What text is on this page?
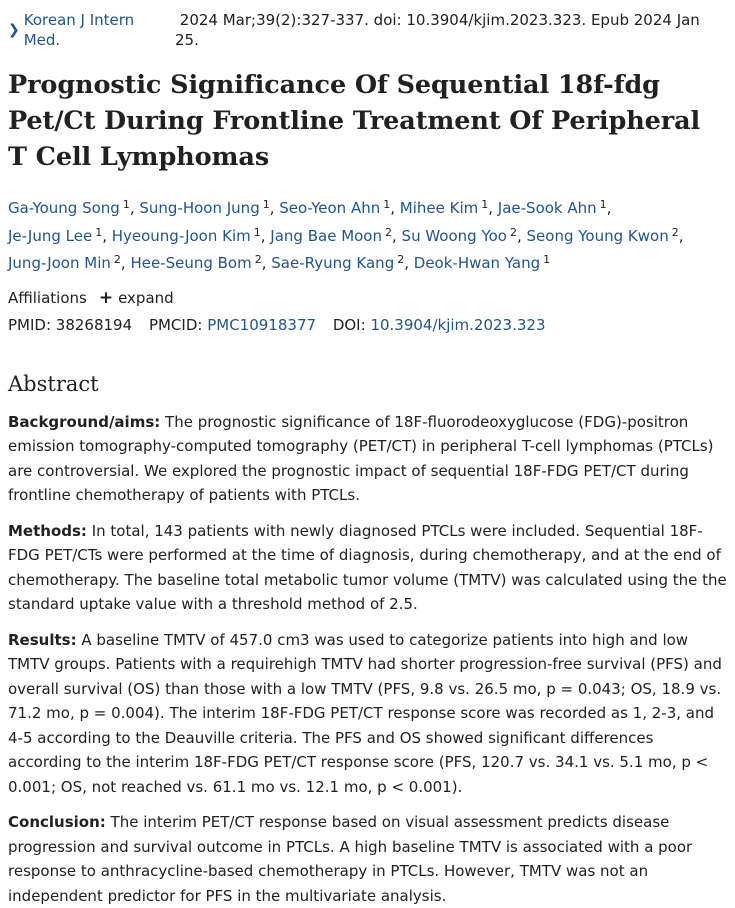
❯
Korean J Intern Med.
2024 Mar;39(2):327-337. doi: 10.3904/kjim.2023.323. Epub 2024 Jan 25.
Prognostic Significance Of Sequential 18f-fdg Pet/Ct During Frontline Treatment Of Peripheral T Cell Lymphomas

Ga-Young Song $^1$, Sung-Hoon Jung $^1$, Seo-Yeon Ahn $^1$, Mihee Kim $^1$, Jae-Sook Ahn $^1$,
Je-Jung Lee $^1$, Hyeoung-Joon Kim $^1$, Jang Bae Moon $^2$, Su Woong Yoo $^2$, Seong Young Kwon $^2$,
Jung-Joon Min $^2$, Hee-Seung Bom $^2$, Sae-Ryung Kang $^2$, Deok-Hwan Yang $^1$

Affiliations + expand
PMID: 38268194 PMCID: PMC10918377 DOI: 10.3904/kjim.2023.323
Abstract

Background/aims: The prognostic significance of 18F-fluorodeoxyglucose (FDG)-positron emission tomography-computed tomography (PET/CT) in peripheral T-cell lymphomas (PTCLs) are controversial. We explored the prognostic impact of sequential 18F-FDG PET/CT during frontline chemotherapy of patients with PTCLs.

Methods: In total, 143 patients with newly diagnosed PTCLs were included. Sequential 18F-FDG PET/CTs were performed at the time of diagnosis, during chemotherapy, and at the end of chemotherapy. The baseline total metabolic tumor volume (TMTV) was calculated using the the standard uptake value with a threshold method of 2.5.

Results: A baseline TMTV of 457.0 cm3 was used to categorize patients into high and low TMTV groups. Patients with a requirehigh TMTV had shorter progression-free survival (PFS) and overall survival (OS) than those with a low TMTV (PFS, 9.8 vs. 26.5 mo, p = 0.043; OS, 18.9 vs. 71.2 mo, p = 0.004). The interim 18F-FDG PET/CT response score was recorded as 1, 2-3, and 4-5 according to the Deauville criteria. The PFS and OS showed significant differences according to the interim 18F-FDG PET/CT response score (PFS, 120.7 vs. 34.1 vs. 5.1 mo, p < 0.001; OS, not reached vs. 61.1 mo vs. 12.1 mo, p < 0.001).

Conclusion: The interim PET/CT response based on visual assessment predicts disease progression and survival outcome in PTCLs. A high baseline TMTV is associated with a poor response to anthracycline-based chemotherapy in PTCLs. However, TMTV was not an independent predictor for PFS in the multivariate analysis.
